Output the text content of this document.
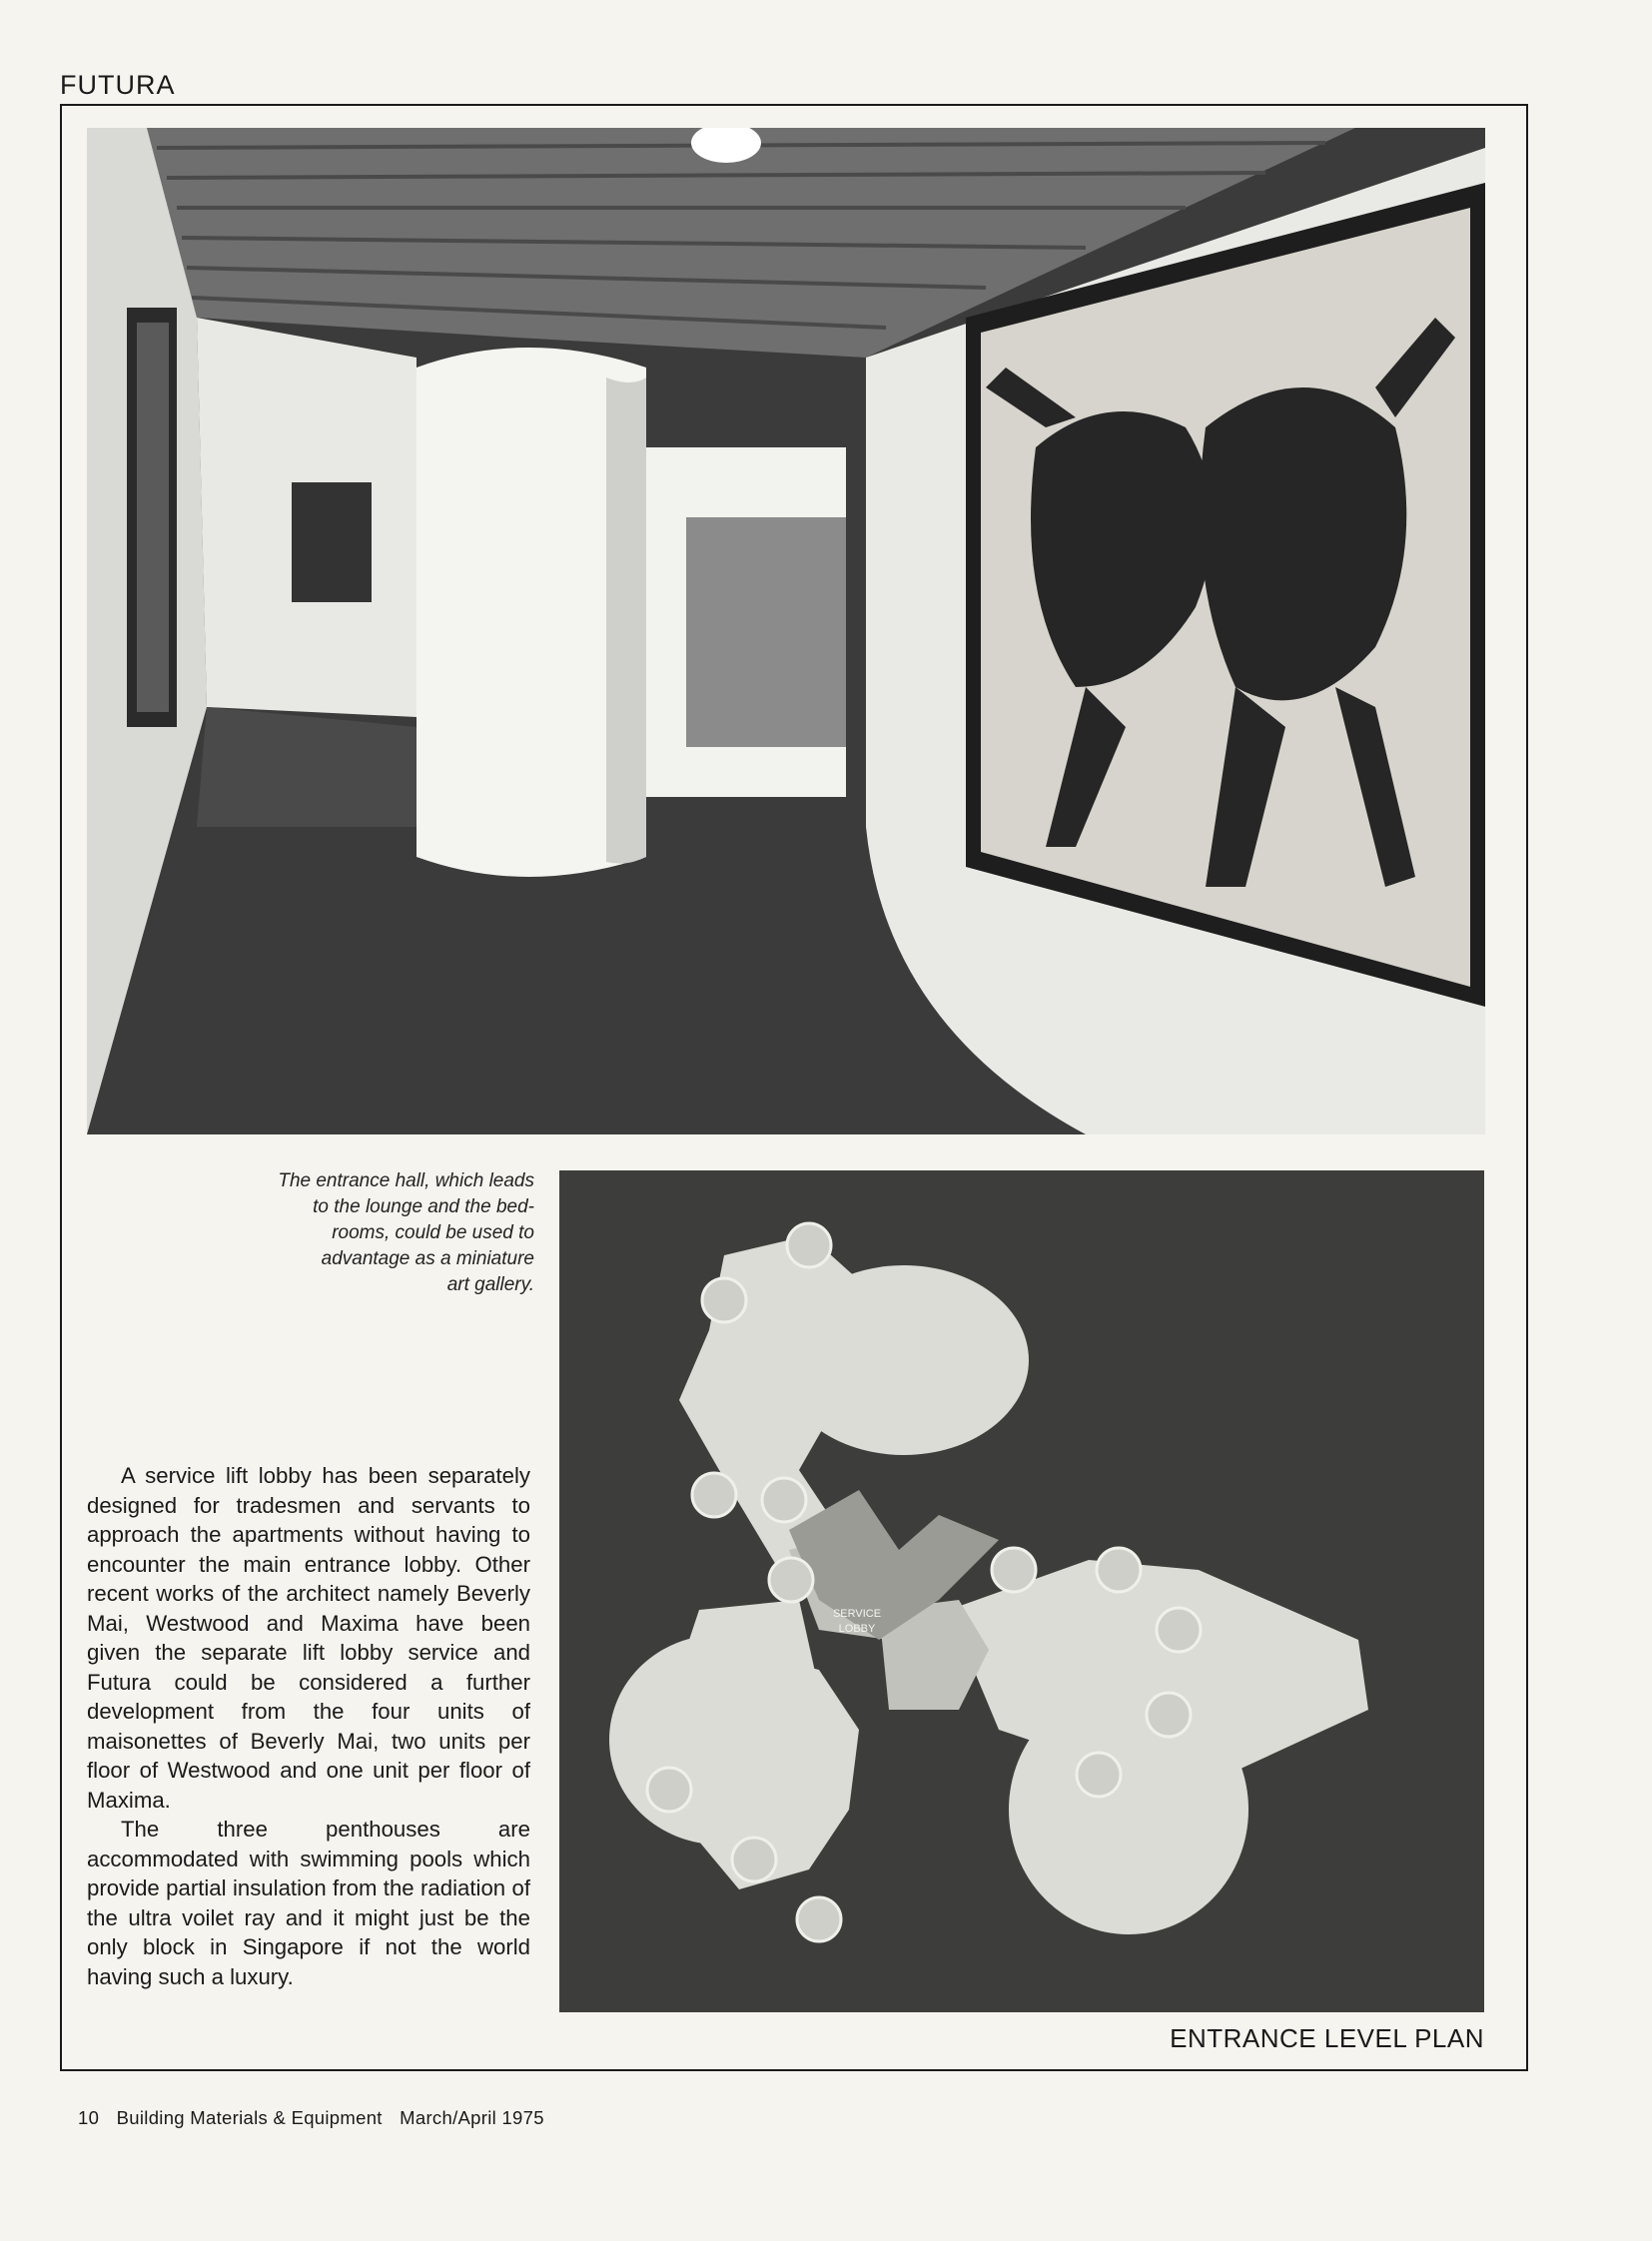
FUTURA
The entrance hall, which leads
to the lounge and the bed-
rooms, could be used to
advantage as a miniature
art gallery.

A service lift lobby has been separately designed for tradesmen and servants to approach the apartments without having to encounter the main entrance lobby. Other recent works of the architect namely Beverly Mai, Westwood and Maxima have been given the separate lift lobby service and Futura could be considered a further development from the four units of maisonettes of Beverly Mai, two units per floor of Westwood and one unit per floor of Maxima.

The three penthouses are accommodated with swimming pools which provide partial insulation from the radiation of the ultra voilet ray and it might just be the only block in Singapore if not the world having such a luxury.

SERVICE
LOBBY
ENTRANCE LEVEL PLAN
10 Building Materials & Equipment March/April 1975
